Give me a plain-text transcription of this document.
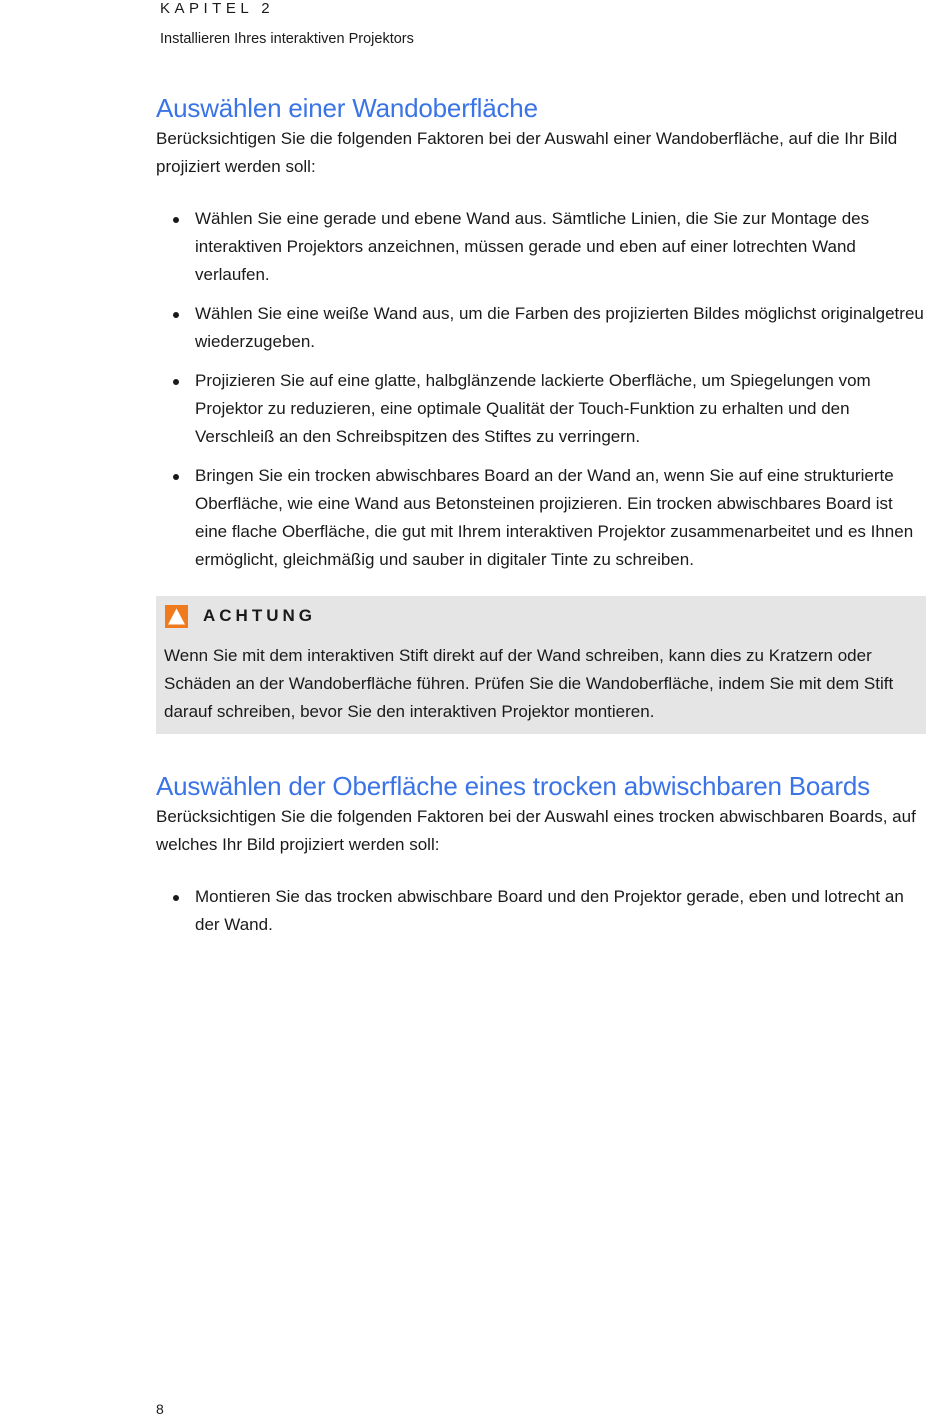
KAPITEL 2
Installieren Ihres interaktiven Projektors
Auswählen einer Wandoberfläche

Berücksichtigen Sie die folgenden Faktoren bei der Auswahl einer Wandoberfläche, auf die Ihr Bild projiziert werden soll:

Wählen Sie eine gerade und ebene Wand aus. Sämtliche Linien, die Sie zur Montage des interaktiven Projektors anzeichnen, müssen gerade und eben auf einer lotrechten Wand verlaufen.
Wählen Sie eine weiße Wand aus, um die Farben des projizierten Bildes möglichst originalgetreu wiederzugeben.
Projizieren Sie auf eine glatte, halbglänzende lackierte Oberfläche, um Spiegelungen vom Projektor zu reduzieren, eine optimale Qualität der Touch-Funktion zu erhalten und den Verschleiß an den Schreibspitzen des Stiftes zu verringern.
Bringen Sie ein trocken abwischbares Board an der Wand an, wenn Sie auf eine strukturierte Oberfläche, wie eine Wand aus Betonsteinen projizieren. Ein trocken abwischbares Board ist eine flache Oberfläche, die gut mit Ihrem interaktiven Projektor zusammenarbeitet und es Ihnen ermöglicht, gleichmäßig und sauber in digitaler Tinte zu schreiben.
ACHTUNG

Wenn Sie mit dem interaktiven Stift direkt auf der Wand schreiben, kann dies zu Kratzern oder Schäden an der Wandoberfläche führen. Prüfen Sie die Wandoberfläche, indem Sie mit dem Stift darauf schreiben, bevor Sie den interaktiven Projektor montieren.

Auswählen der Oberfläche eines trocken abwischbaren Boards

Berücksichtigen Sie die folgenden Faktoren bei der Auswahl eines trocken abwischbaren Boards, auf welches Ihr Bild projiziert werden soll:

Montieren Sie das trocken abwischbare Board und den Projektor gerade, eben und lotrecht an der Wand.
8
